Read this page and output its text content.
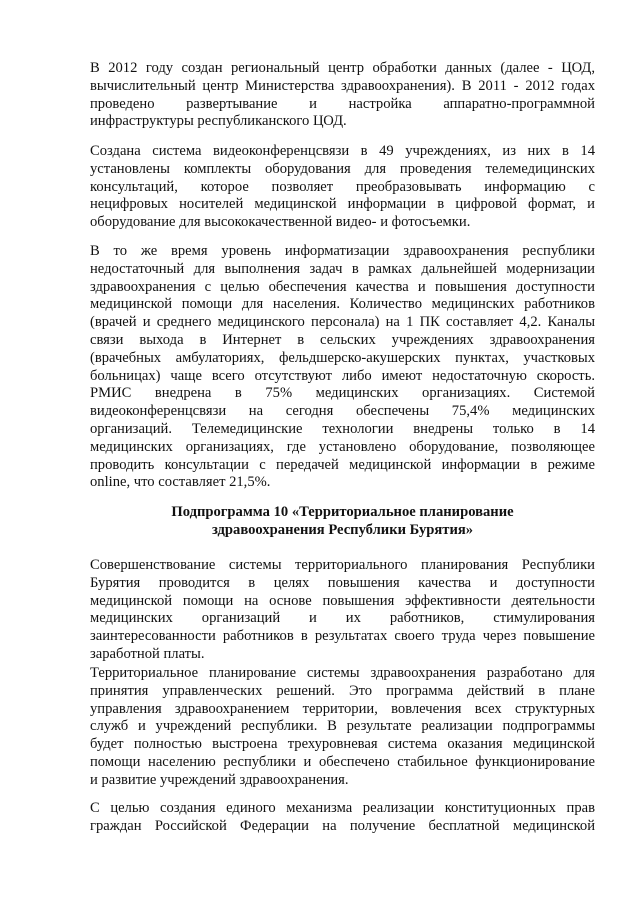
В 2012 году создан региональный центр обработки данных (далее - ЦОД,
вычислительный центр Министерства здравоохранения). В 2011 - 2012 годах
проведено развертывание и настройка аппаратно-программной
инфраструктуры республиканского ЦОД.

Создана система видеоконференцсвязи в 49 учреждениях, из них в 14
установлены комплекты оборудования для проведения телемедицинских
консультаций, которое позволяет преобразовывать информацию с
нецифровых носителей медицинской информации в цифровой формат, и
оборудование для высококачественной видео- и фотосъемки.

В то же время уровень информатизации здравоохранения республики
недостаточный для выполнения задач в рамках дальнейшей модернизации
здравоохранения с целью обеспечения качества и повышения доступности
медицинской помощи для населения. Количество медицинских работников
(врачей и среднего медицинского персонала) на 1 ПК составляет 4,2. Каналы
связи выхода в Интернет в сельских учреждениях здравоохранения
(врачебных амбулаториях, фельдшерско-акушерских пунктах, участковых
больницах) чаще всего отсутствуют либо имеют недостаточную скорость.
РМИС внедрена в 75% медицинских организациях. Системой
видеоконференцсвязи на сегодня обеспечены 75,4% медицинских
организаций. Телемедицинские технологии внедрены только в 14
медицинских организациях, где установлено оборудование, позволяющее
проводить консультации с передачей медицинской информации в режиме
online, что составляет 21,5%.

Подпрограмма 10 «Территориальное планирование
здравоохранения Республики Бурятия»

Совершенствование системы территориального планирования Республики
Бурятия проводится в целях повышения качества и доступности
медицинской помощи на основе повышения эффективности деятельности
медицинских организаций и их работников, стимулирования
заинтересованности работников в результатах своего труда через повышение
заработной платы.

Территориальное планирование системы здравоохранения разработано для
принятия управленческих решений. Это программа действий в плане
управления здравоохранением территории, вовлечения всех структурных
служб и учреждений республики. В результате реализации подпрограммы
будет полностью выстроена трехуровневая система оказания медицинской
помощи населению республики и обеспечено стабильное функционирование
и развитие учреждений здравоохранения.

С целью создания единого механизма реализации конституционных прав
граждан Российской Федерации на получение бесплатной медицинской
